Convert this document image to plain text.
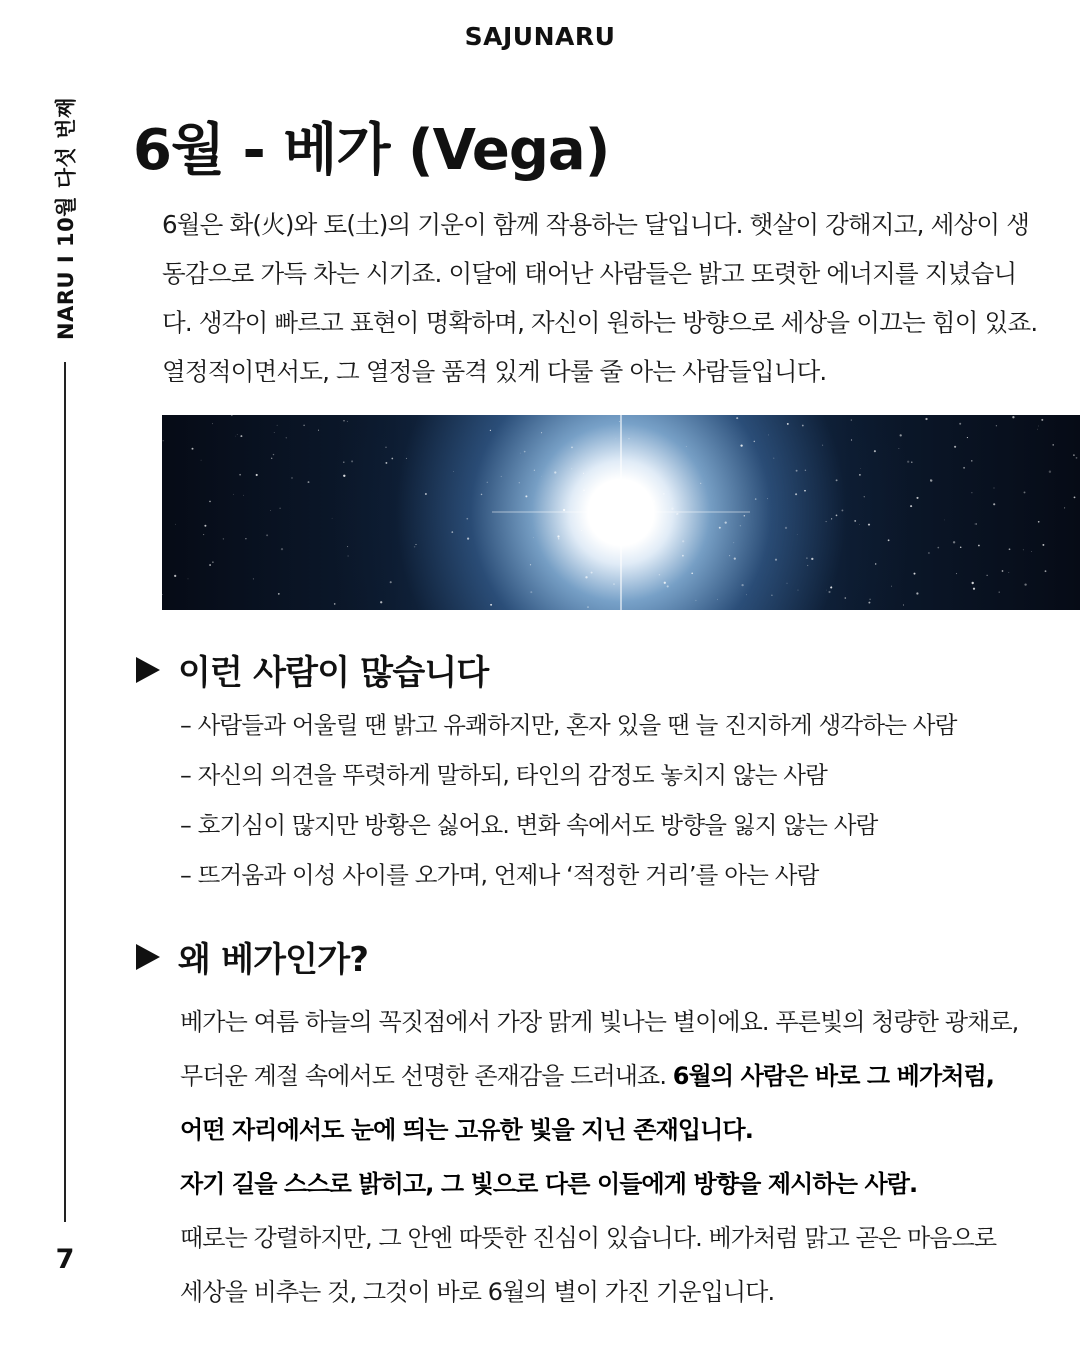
SAJUNARU
NARU I 10월 다섯 번째
7
6월 - 베가 (Vega)

6월은 화(火)와 토(土)의 기운이 함께 작용하는 달입니다. 햇살이 강해지고, 세상이 생동감으로 가득 차는 시기죠. 이달에 태어난 사람들은 밝고 또렷한 에너지를 지녔습니다. 생각이 빠르고 표현이 명확하며, 자신이 원하는 방향으로 세상을 이끄는 힘이 있죠. 열정적이면서도, 그 열정을 품격 있게 다룰 줄 아는 사람들입니다.

이런 사람이 많습니다
– 사람들과 어울릴 땐 밝고 유쾌하지만, 혼자 있을 땐 늘 진지하게 생각하는 사람
– 자신의 의견을 뚜렷하게 말하되, 타인의 감정도 놓치지 않는 사람
– 호기심이 많지만 방황은 싫어요. 변화 속에서도 방향을 잃지 않는 사람
– 뜨거움과 이성 사이를 오가며, 언제나 ‘적정한 거리’를 아는 사람
왜 베가인가?
베가는 여름 하늘의 꼭짓점에서 가장 맑게 빛나는 별이에요. 푸른빛의 청량한 광채로,
무더운 계절 속에서도 선명한 존재감을 드러내죠. 6월의 사람은 바로 그 베가처럼,
어떤 자리에서도 눈에 띄는 고유한 빛을 지닌 존재입니다.
자기 길을 스스로 밝히고, 그 빛으로 다른 이들에게 방향을 제시하는 사람.
때로는 강렬하지만, 그 안엔 따뜻한 진심이 있습니다. 베가처럼 맑고 곧은 마음으로
세상을 비추는 것, 그것이 바로 6월의 별이 가진 기운입니다.
